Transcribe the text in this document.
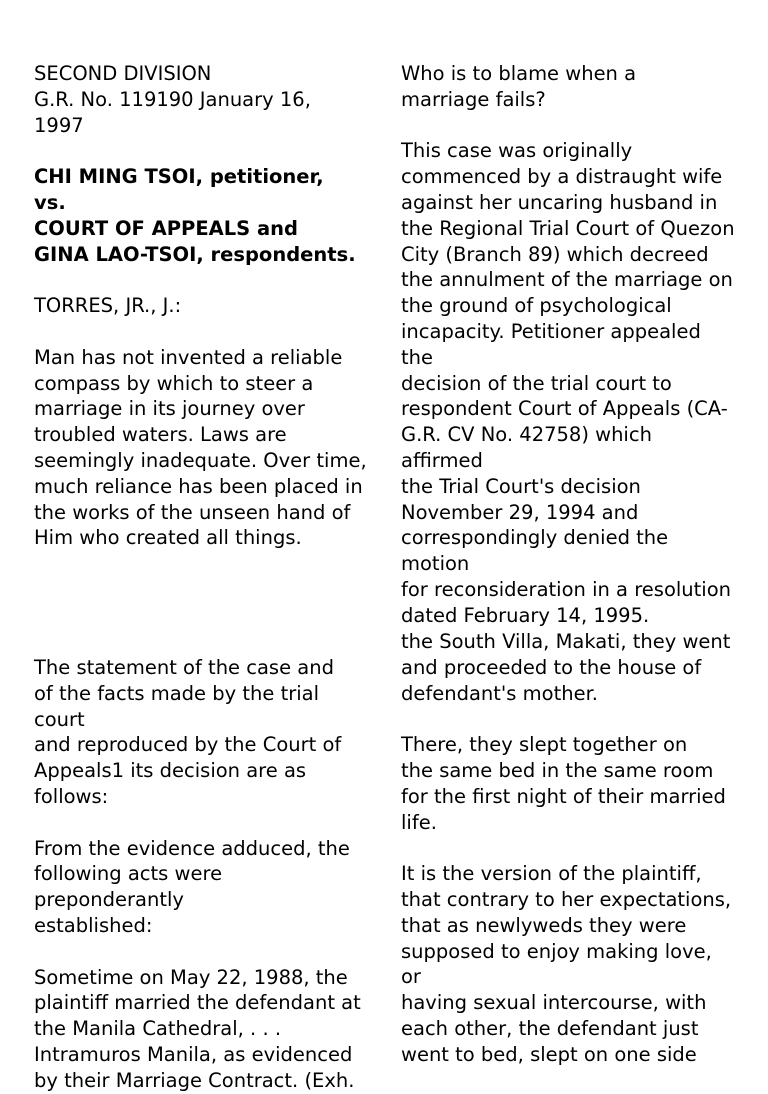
SECOND DIVISION

G.R. No. 119190 January 16,
1997

CHI MING TSOI, petitioner,
vs.
COURT OF APPEALS and
GINA LAO-TSOI, respondents.

TORRES, JR., J.:

Man has not invented a reliable
compass by which to steer a
marriage in its journey over
troubled waters. Laws are
seemingly inadequate. Over time,
much reliance has been placed in
the works of the unseen hand of
Him who created all things.

Who is to blame when a
marriage fails?

This case was originally
commenced by a distraught wife
against her uncaring husband in
the Regional Trial Court of Quezon
City (Branch 89) which decreed
the annulment of the marriage on
the ground of psychological
incapacity. Petitioner appealed the
decision of the trial court to
respondent Court of Appeals (CA-
G.R. CV No. 42758) which affirmed
the Trial Court's decision
November 29, 1994 and
correspondingly denied the motion
for reconsideration in a resolution
dated February 14, 1995.

The statement of the case and
of the facts made by the trial court
and reproduced by the Court of
Appeals1 its decision are as
follows:

From the evidence adduced, the
following acts were preponderantly
established:

Sometime on May 22, 1988, the
plaintiff married the defendant at
the Manila Cathedral, . . .
Intramuros Manila, as evidenced
by their Marriage Contract. (Exh.

the South Villa, Makati, they went
and proceeded to the house of
defendant's mother.

There, they slept together on
the same bed in the same room
for the first night of their married
life.

It is the version of the plaintiff,
that contrary to her expectations,
that as newlyweds they were
supposed to enjoy making love, or
having sexual intercourse, with
each other, the defendant just
went to bed, slept on one side
